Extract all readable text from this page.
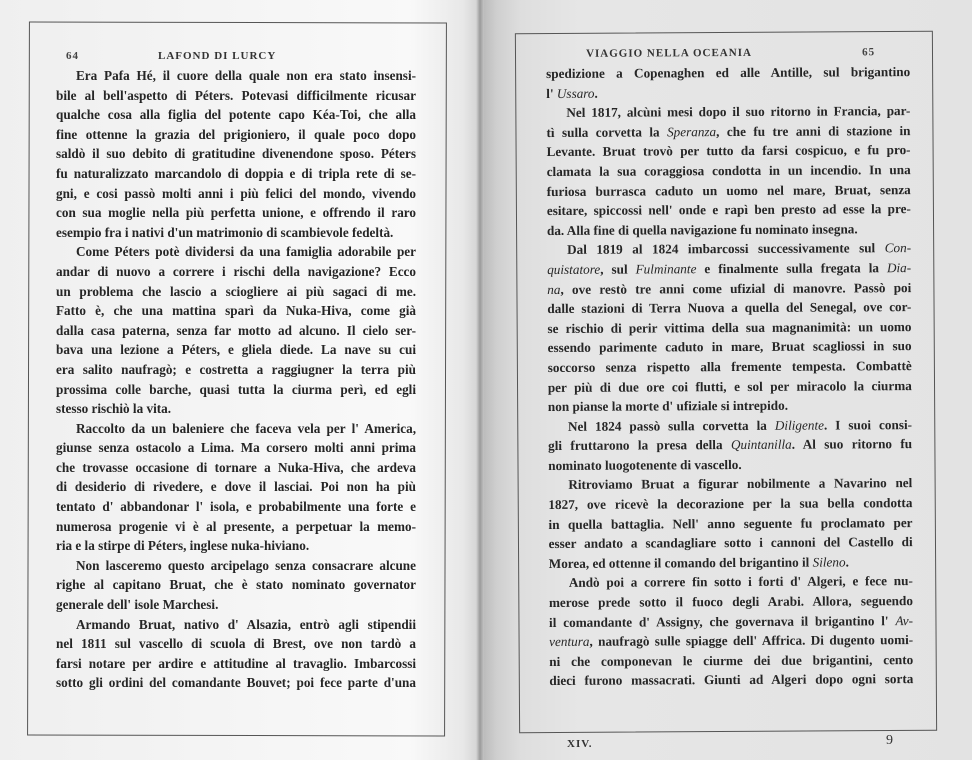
64	LAFOND DI LURCY
Era Pafa Hé, il cuore della quale non era stato insensi-
bile al bell'aspetto di Péters. Potevasi difficilmente ricusar
qualche cosa alla figlia del potente capo Kéa-Toi, che alla
fine ottenne la grazia del prigioniero, il quale poco dopo
saldò il suo debito di gratitudine divenendone sposo. Péters
fu naturalizzato marcandolo di doppia e di tripla rete di se-
gni, e cosi passò molti anni i più felici del mondo, vivendo
con sua moglie nella più perfetta unione, e offrendo il raro
esempio fra i nativi d'un matrimonio di scambievole fedeltà.
Come Péters potè dividersi da una famiglia adorabile per
andar di nuovo a correre i rischi della navigazione? Ecco
un problema che lascio a sciogliere ai più sagaci di me.
Fatto è, che una mattina sparì da Nuka-Hiva, come già
dalla casa paterna, senza far motto ad alcuno. Il cielo ser-
bava una lezione a Péters, e gliela diede. La nave su cui
era salito naufragò; e costretta a raggiugner la terra più
prossima colle barche, quasi tutta la ciurma perì, ed egli
stesso rischiò la vita.
Raccolto da un baleniere che faceva vela per l' America,
giunse senza ostacolo a Lima. Ma corsero molti anni prima
che trovasse occasione di tornare a Nuka-Hiva, che ardeva
di desiderio di rivedere, e dove il lasciai. Poi non ha più
tentato d' abbandonar l' isola, e probabilmente una forte e
numerosa progenie vi è al presente, a perpetuar la memo-
ria e la stirpe di Péters, inglese nuka-hiviano.
Non lasceremo questo arcipelago senza consacrare alcune
righe al capitano Bruat, che è stato nominato governator
generale dell' isole Marchesi.
Armando Bruat, nativo d' Alsazia, entrò agli stipendii
nel 1811 sul vascello di scuola di Brest, ove non tardò a
farsi notare per ardire e attitudine al travaglio. Imbarcossi
sotto gli ordini del comandante Bouvet; poi fece parte d'una
VIAGGIO NELLA OCEANIA	65
spedizione a Copenaghen ed alle Antille, sul brigantino
l' Ussaro.
Nel 1817, alcùni mesi dopo il suo ritorno in Francia, par-
tì sulla corvetta la Speranza, che fu tre anni di stazione in
Levante. Bruat trovò per tutto da farsi cospicuo, e fu pro-
clamata la sua coraggiosa condotta in un incendio. In una
furiosa burrasca caduto un uomo nel mare, Bruat, senza
esitare, spiccossi nell' onde e rapì ben presto ad esse la pre-
da. Alla fine di quella navigazione fu nominato insegna.
Dal 1819 al 1824 imbarcossi successivamente sul Con-
quistatore, sul Fulminante e finalmente sulla fregata la Dia-
na, ove restò tre anni come ufizial di manovre. Passò poi
dalle stazioni di Terra Nuova a quella del Senegal, ove cor-
se rischio di perir vittima della sua magnanimità: un uomo
essendo parimente caduto in mare, Bruat scagliossi in suo
soccorso senza rispetto alla fremente tempesta. Combattè
per più di due ore coi flutti, e sol per miracolo la ciurma
non pianse la morte d' ufiziale si intrepido.
Nel 1824 passò sulla corvetta la Diligente. I suoi consi-
gli fruttarono la presa della Quintanilla. Al suo ritorno fu
nominato luogotenente di vascello.
Ritroviamo Bruat a figurar nobilmente a Navarino nel
1827, ove ricevè la decorazione per la sua bella condotta
in quella battaglia. Nell' anno seguente fu proclamato per
esser andato a scandagliare sotto i cannoni del Castello di
Morea, ed ottenne il comando del brigantino il Sileno.
Andò poi a correre fin sotto i forti d' Algeri, e fece nu-
merose prede sotto il fuoco degli Arabi. Allora, seguendo
il comandante d' Assigny, che governava il brigantino l' Av-
ventura, naufragò sulle spiagge dell' Affrica. Di dugento uomi-
ni che componevan le ciurme dei due brigantini, cento
dieci furono massacrati. Giunti ad Algeri dopo ogni sorta
XIV.	9
